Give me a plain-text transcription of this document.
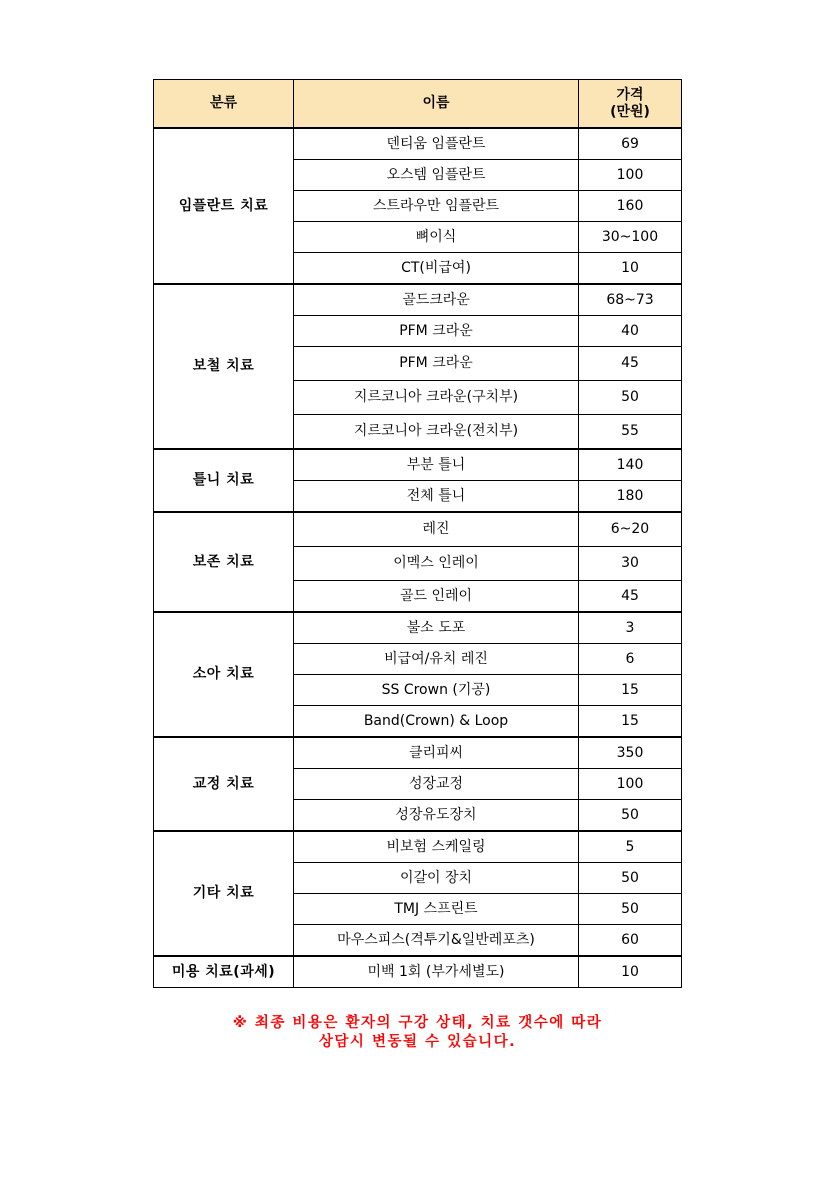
분류	이름	가격
(만원)

임플란트 치료	덴티움 임플란트	69
	오스템 임플란트	100
	스트라우만 임플란트	160
	뼈이식	30~100
	CT(비급여)	10
보철 치료	골드크라운	68~73
	PFM 크라운	40
	PFM 크라운	45
	지르코니아 크라운(구치부)	50
	지르코니아 크라운(전치부)	55
틀니 치료	부분 틀니	140
	전체 틀니	180
보존 치료	레진	6~20
	이멕스 인레이	30
	골드 인레이	45
소아 치료	불소 도포	3
	비급여/유치 레진	6
	SS Crown (기공)	15
	Band(Crown) & Loop	15
교정 치료	클리피씨	350
	성장교정	100
	성장유도장치	50
기타 치료	비보험 스케일링	5
	이갈이 장치	50
	TMJ 스프린트	50
	마우스피스(격투기&일반레포츠)	60
미용 치료(과세)	미백 1회 (부가세별도)	10
※ 최종 비용은 환자의 구강 상태, 치료 갯수에 따라
상담시 변동될 수 있습니다.
